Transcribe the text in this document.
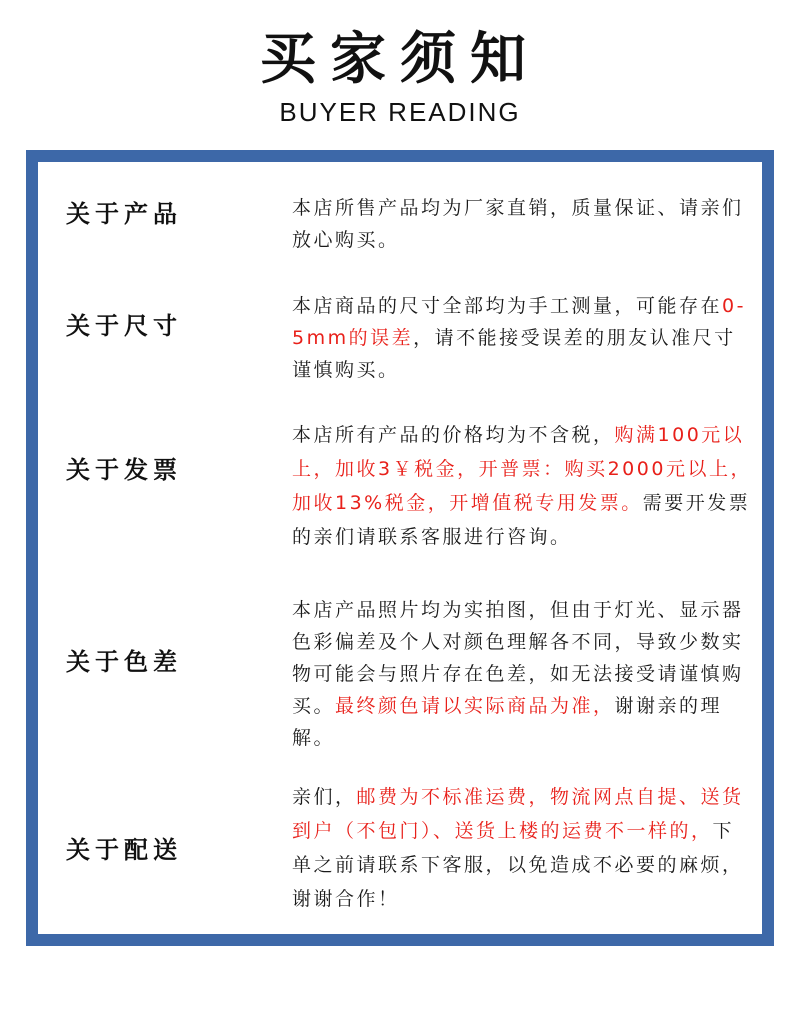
买家须知
BUYER READING
关于产品	本店所售产品均为厂家直销，质量保证、请亲们放心购买。
关于尺寸
本店商品的尺寸全部均为手工测量，可能存在0-5mm的误差，请不能接受误差的朋友认准尺寸谨慎购买。
关于发票
本店所有产品的价格均为不含税，购满100元以上，加收3￥税金，开普票：购买2000元以上，加收13%税金，开增值税专用发票。需要开发票的亲们请联系客服进行咨询。
关于色差
本店产品照片均为实拍图，但由于灯光、显示器色彩偏差及个人对颜色理解各不同，导致少数实物可能会与照片存在色差，如无法接受请谨慎购买。最终颜色请以实际商品为准，谢谢亲的理解。
关于配送
亲们，邮费为不标准运费，物流网点自提、送货到户（不包门）、送货上楼的运费不一样的，下单之前请联系下客服，以免造成不必要的麻烦，谢谢合作！
